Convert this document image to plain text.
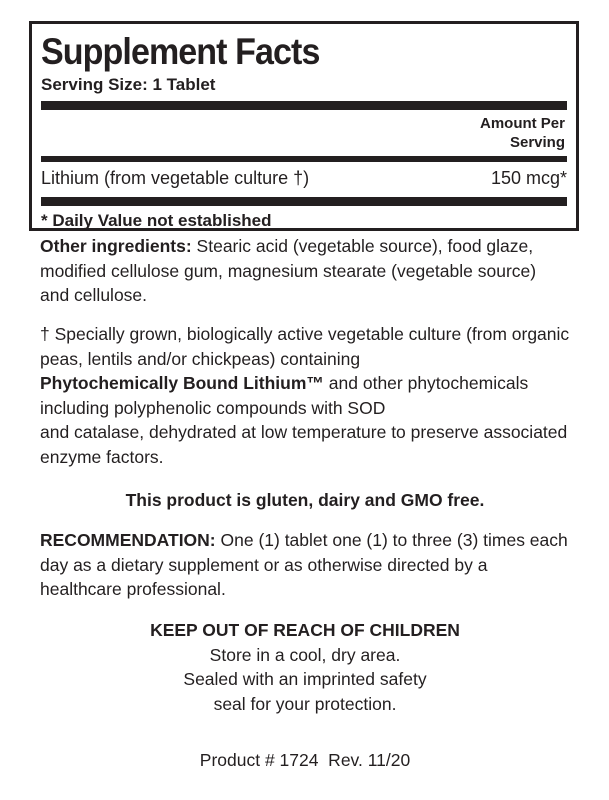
Supplement Facts
Serving Size: 1 Tablet
Amount Per
Serving
Lithium (from vegetable culture †)	150 mcg*
* Daily Value not established
Other ingredients: Stearic acid (vegetable source), food glaze, modified cellulose gum, magnesium stearate (vegetable source) and cellulose.
† Specially grown, biologically active vegetable culture (from organic peas, lentils and/or chickpeas) containing
Phytochemically Bound Lithium™ and other phytochemicals including polyphenolic compounds with SOD
and catalase, dehydrated at low temperature to preserve associated enzyme factors.
This product is gluten, dairy and GMO free.
RECOMMENDATION: One (1) tablet one (1) to three (3) times each day as a dietary supplement or as otherwise directed by a healthcare professional.
KEEP OUT OF REACH OF CHILDREN
Store in a cool, dry area.
Sealed with an imprinted safety
seal for your protection.
Product # 1724  Rev. 11/20
